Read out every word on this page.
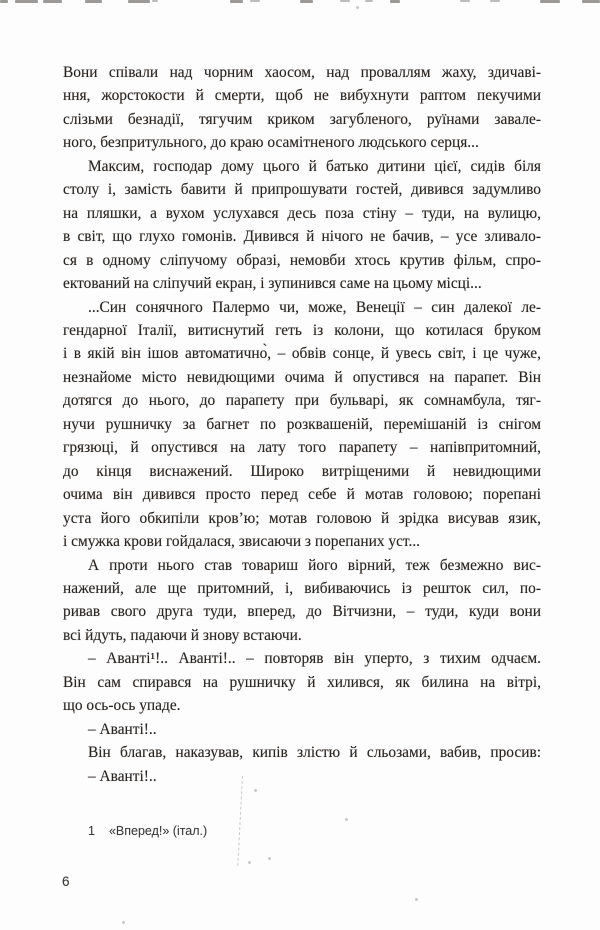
Вони співали над чорним хаосом, над проваллям жаху, здичаві-
ння, жорстокости й смерти, щоб не вибухнути раптом пекучими
слізьми безнадії, тягучим криком загубленого, руїнами завале-
ного, безпритульного, до краю осамітненого людського серця...
Максим, господар дому цього й батько дитини цієї, сидів біля
столу і, замість бавити й припрошувати гостей, дивився задумливо
на пляшки, а вухом услухався десь поза стіну – туди, на вулицю,
в світ, що глухо гомонів. Дивився й нічого не бачив, – усе зливало-
ся в одному сліпучому образі, немовби хтось крутив фільм, спро-
ектований на сліпучий екран, і зупинився саме на цьому місці...
...Син сонячного Палермо чи, може, Венеції – син далекої ле-
гендарної Італії, витиснутий геть із колони, що котилася бруком
і в якій він ішов автоматично̀, – обвів сонце, й увесь світ, і це чуже,
незнайоме місто невидющими очима й опустився на парапет. Він
дотягся до нього, до парапету при бульварі, як сомнамбула, тяг-
нучи рушничку за багнет по розквашеній, перемішаній із снігом
грязюці, й опустився на лату того парапету – напівпритомний,
до кінця виснажений. Широко витріщеними й невидющими
очима він дивився просто перед себе й мотав головою; порепані
уста його обкипіли кров’ю; мотав головою й зрідка висував язик,
і смужка крови гойдалася, звисаючи з порепаних уст...
А проти нього став товариш його вірний, теж безмежно вис-
нажений, але ще притомний, і, вибиваючись із решток сил, по-
ривав свого друга туди, вперед, до Вітчизни, – туди, куди вони
всі йдуть, падаючи й знову встаючи.
– Аванті¹!.. Аванті!.. – повторяв він уперто, з тихим одчаєм.
Він сам спирався на рушничку й хилився, як билина на вітрі,
що ось-ось упаде.
– Аванті!..
Він благав, наказував, кипів злістю й сльозами, вабив, просив:
– Аванті!..
1 «Вперед!» (італ.)
6
